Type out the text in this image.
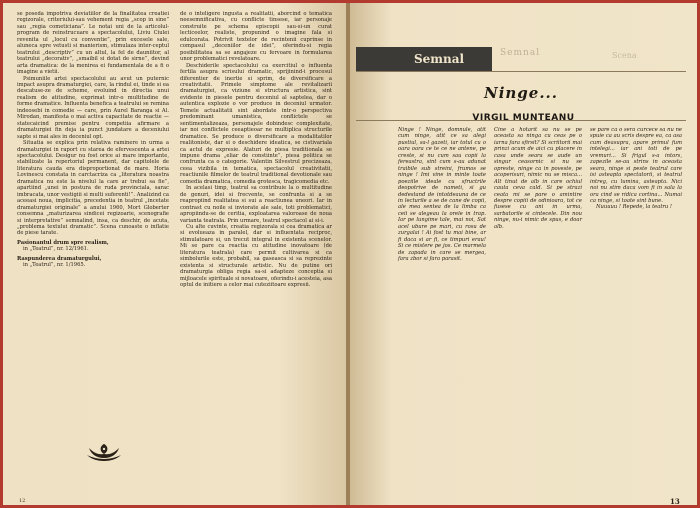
se poseda impotriva deviatiilor de la finalitatea creatiei regizorale, criteriului-sau vehement regia „scop in sine” sau „regia cometiciana”. Le notai uni de la articolul-program de reinstrucuare a spectacolului, Liviu Ciulei revenita ul „locul cu conventie”, prin excesele sale, aluneca spre vetusti si manierism, stimulaza inter-ceptul teatrului „descriptiv” cu un altul, la fel de dauniitor, al teatrului „decorativ”, „smaibil si dotat de sirne”, devind arta dramatica: de la menirea ei fundamentala de a fi o imagine a vietii.

Psimuniile artei spectacolului au avut un puternic impact asupra dramaturgiei, care, la rindul ei, tinde si ea descatuse-ze de scheme, evoluind in directia unui realism de atitudine, exprimat intr-o multitudine de forme dramatice. Influenta benefica a teatrului se remina indeosebi in comedie — care, prin Aurel Baranga si Al. Mirodan, manifesta o mai activa capacitate de reactie — statecaicind premise pentru competiia afirmare a dramaturgiei fin deja ia punct jundatare a deceniului sapte si mai ales in deceniul opt.

Situatia se explica prin relativa raminere in urma a dramaturgiei in raport cu starea de efervescenta a artei spectacolului. Desigur nu fost orice ai mare importante, stabilizate la repertoriul permanent, dar capitolele de literatura cauda era disproportionat de mare. Horia Lovinescu constata in carctacriza ca „literatura noastra dramatica nu este la nivelul la care ar trebui sa fie”, apartiind „unei in postura de ruda provinciala, sarac imbracata, unor vestigiii si multi suferenti!”. Analizind ca aceeasi noua, implicitia, precedentia in teatrul „incetate dramaturgiei originale” a anului 1960, Mort Globerter consemna „maturizarea sindicei regizoarie, scenografie si interpretative” semnalind, insa, ca deschir, de acuta, „problema textului dramatic”. Scena cunoaste o inflatie de piese tarate.

Pasionantul drum spre realism,

in „Teatrul”, nr. 12/1961.

Raspunderea dramaturgului,

in „Teatrul”, nr. 1/1965.

de o inteligere ingusta a realitatii, aborcind o tematica neesemnificativa, cu conflicte tinsese, iar personaje construite pe schema episcopii sau-si-un curat lecticeelor, realiste, propunind o imagine fala si edulcorata. Potrivit textelor de recintenii cuprinse in compasul „deceniilor de idei”, oferindu-si regia posibilitatea sa se angajeze cu fervoare in formularea unor problematici revelatoare.

Deschiderile spectacolului ca exercitiul o influenta fertila asupra scrisului dramatic, sprijinind-i procesul diferentier de inertie si sprim, de diversificare a creativitatii. Primele simptome ale revitalizarii dramaturgiei, ca viziune si structura artistica, sint evidente in piesele pentru deceniul al saptelea, dar o autentica explozie o vor produce in deceniul urmator. Temele actualitatii sint abordate intr-o perspectiva predominant umanistica, conflictele se sentimentalizeaza, personajele dobindesc complexitate, iar noi conflictele ceeaptieoar ne multiplica structurile dramatice. Se produce o diversificare a modalitatilor realitoniste, dar si o deschidere ideatica, se cistivariala ca actul de expresie. Alaturi de piesa traditionala se impune drama „eliar de constiinte”, piesa politica se confrunta ca o categorie. Valentin Silvestrul precizeaza, ceea vizibila in tematica, spectacolul creativitatii, reactiunile filmelor de teatrul traditional devotionale sau comedia dramatica, comedia grotesca, tragicomedia etc.

In acelasi timp, teatrul sa contribuie la o multitudine de genuri, idei si frecvente, se confrunta si a se reapropiind realitatea si sui a reactiunea uneori. Iar in contrast cu noile si inviorate ale sale, toti problematici, apropiindu-se de ceritia, exploatarea valoroase de noua varianta teatrala. Prin urmare, teatrul spectacol ai si-i.

Cu alte cuvinte, creatia regizorala si cea dramatica ar si evolueaza in paralel, dar si influentata reciproc, stimulatoare si, un trecut integral in existenta scenelor. Mi se pare ca reactia cu atitudine inovatoare (de literatura teatrala) care permit cultivarea si ca simbolurile este, probabil, sa gaseasca si sa reprezinte existenta si structurale artistic. Nu de putine ori dramaturgia obliga regia sa-si adapteze conceptia si mijloacele spirituale si novatoare, oferindu-i acesteia, asa optul de initiere a celor mai cuteziitoare expresii.

12
Semnal	Semnal	Scena
Ninge...
VIRGIL MUNTEANU

Ninge ! Ninge, domnule, atit cum ninge, atit ce sa alegi pustiul, sa-l gazeti, iar totul cu o oara oara ce te ce ne antene, pe creste, si nu cum sau copii la fereastra, sint cum s-au adunat traibile sub streini, frumos se ninge ! Imi vine in minte toate poeziile ideale cu sfructrile deopotrive de nameti, si gu dedestand de intotdeauna de ce in lecturile a se de cane de copii, ale mea sentea de la limba ca ceii se alegeau la orele in trap. Iar pe lungime tale, mai noi, Sat acel ubure pe mari, cu rosu de zurgalai ! Ai fost tu mai bine, ar fi daca si ar fi, ce timpuri erau! Si ce mistere pe jos. Ce marmela de zapada in care se mergea, fara zbor si fara parasit.

Cine a hotarit sa nu se pe aceasta sa ninga cu ceas pe o iarna fara sfirsit? Si scriitorii mai prinzi acum de aici cu placere in casa unde seara se aude un singur ceasornic si nu se opreste, ninge ca in poveste, pe acoperisuri, nimic nu se misca... Alt tinut de alb in care ochiul cauta ceva cald. Si pe strazi ceata mi se pare o amintire despre copiii de odinioara, tot ce fusese cu ani in urma, sarbatorile si cintecele. Din nou ninge, nu-i nimic de spus, e doar alb.

se pare ca o sera curcece sa nu ne spuie ca au scris despre ea, ca asa cum deasupra, apare primul fum intelegi... iar ani toti de pe vremuri... Si frigul s-a intors, zapezile se-au strins in aceasta seara, ninge si peste teatrul care isi asteapta spectatorii, si teatrul intreg, cu lumina, asteapta. Nici noi nu stim daca vom fi in sala la ora cind se ridica cortina... Numai ca ninge, si toate sint bune.

Nuuuuu ! Repede, la teatru !

13
